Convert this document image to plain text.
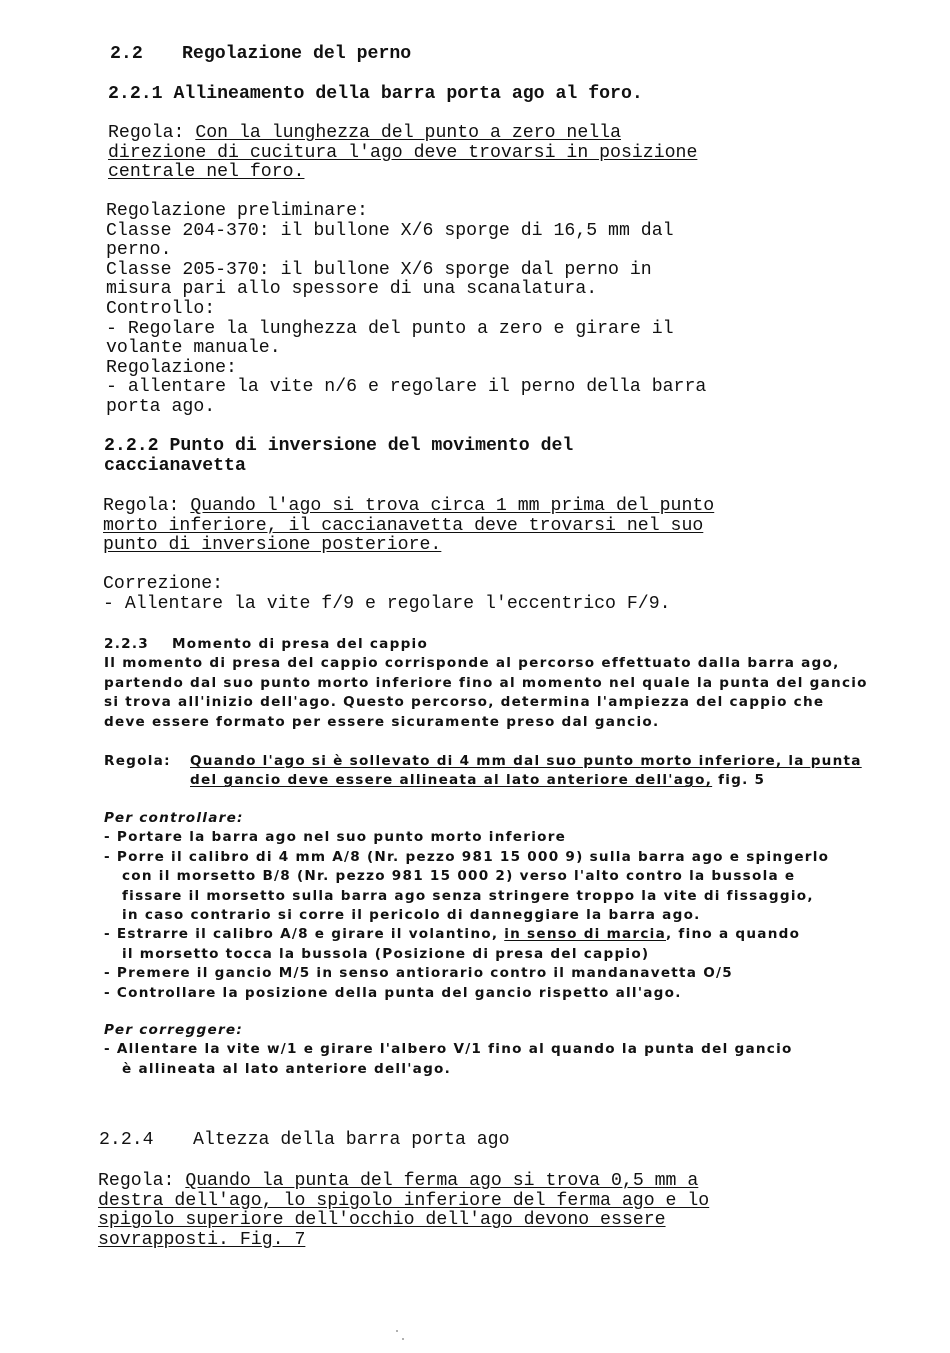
2.2 Regolazione del perno
2.2.1 Allineamento della barra porta ago al foro.
Regola: Con la lunghezza del punto a zero nella
direzione di cucitura l'ago deve trovarsi in posizione
centrale nel foro.
Regolazione preliminare:
Classe 204-370: il bullone X/6 sporge di 16,5 mm dal
perno.
Classe 205-370: il bullone X/6 sporge dal perno in
misura pari allo spessore di una scanalatura.
Controllo:
- Regolare la lunghezza del punto a zero e girare il
volante manuale.
Regolazione:
- allentare la vite n/6 e regolare il perno della barra
porta ago.
2.2.2 Punto di inversione del movimento del
caccianavetta
Regola: Quando l'ago si trova circa 1 mm prima del punto
morto inferiore, il caccianavetta deve trovarsi nel suo
punto di inversione posteriore.
Correzione:
- Allentare la vite f/9 e regolare l'eccentrico F/9.
2.2.3 Momento di presa del cappio
Il momento di presa del cappio corrisponde al percorso effettuato dalla barra ago,
partendo dal suo punto morto inferiore fino al momento nel quale la punta del gancio
si trova all'inizio dell'ago. Questo percorso, determina l'ampiezza del cappio che
deve essere formato per essere sicuramente preso dal gancio.
Regola: Quando l'ago si è sollevato di 4 mm dal suo punto morto inferiore, la punta
del gancio deve essere allineata al lato anteriore dell'ago, fig. 5
Per controllare:
- Portare la barra ago nel suo punto morto inferiore
- Porre il calibro di 4 mm A/8 (Nr. pezzo 981 15 000 9) sulla barra ago e spingerlo
con il morsetto B/8 (Nr. pezzo 981 15 000 2) verso l'alto contro la bussola e
fissare il morsetto sulla barra ago senza stringere troppo la vite di fissaggio,
in caso contrario si corre il pericolo di danneggiare la barra ago.
- Estrarre il calibro A/8 e girare il volantino, in senso di marcia, fino a quando
il morsetto tocca la bussola (Posizione di presa del cappio)
- Premere il gancio M/5 in senso antiorario contro il mandanavetta O/5
- Controllare la posizione della punta del gancio rispetto all'ago.
Per correggere:
- Allentare la vite w/1 e girare l'albero V/1 fino al quando la punta del gancio
è allineata al lato anteriore dell'ago.
2.2.4 Altezza della barra porta ago
Regola: Quando la punta del ferma ago si trova 0,5 mm a
destra dell'ago, lo spigolo inferiore del ferma ago e lo
spigolo superiore dell'occhio dell'ago devono essere
sovrapposti. Fig. 7
